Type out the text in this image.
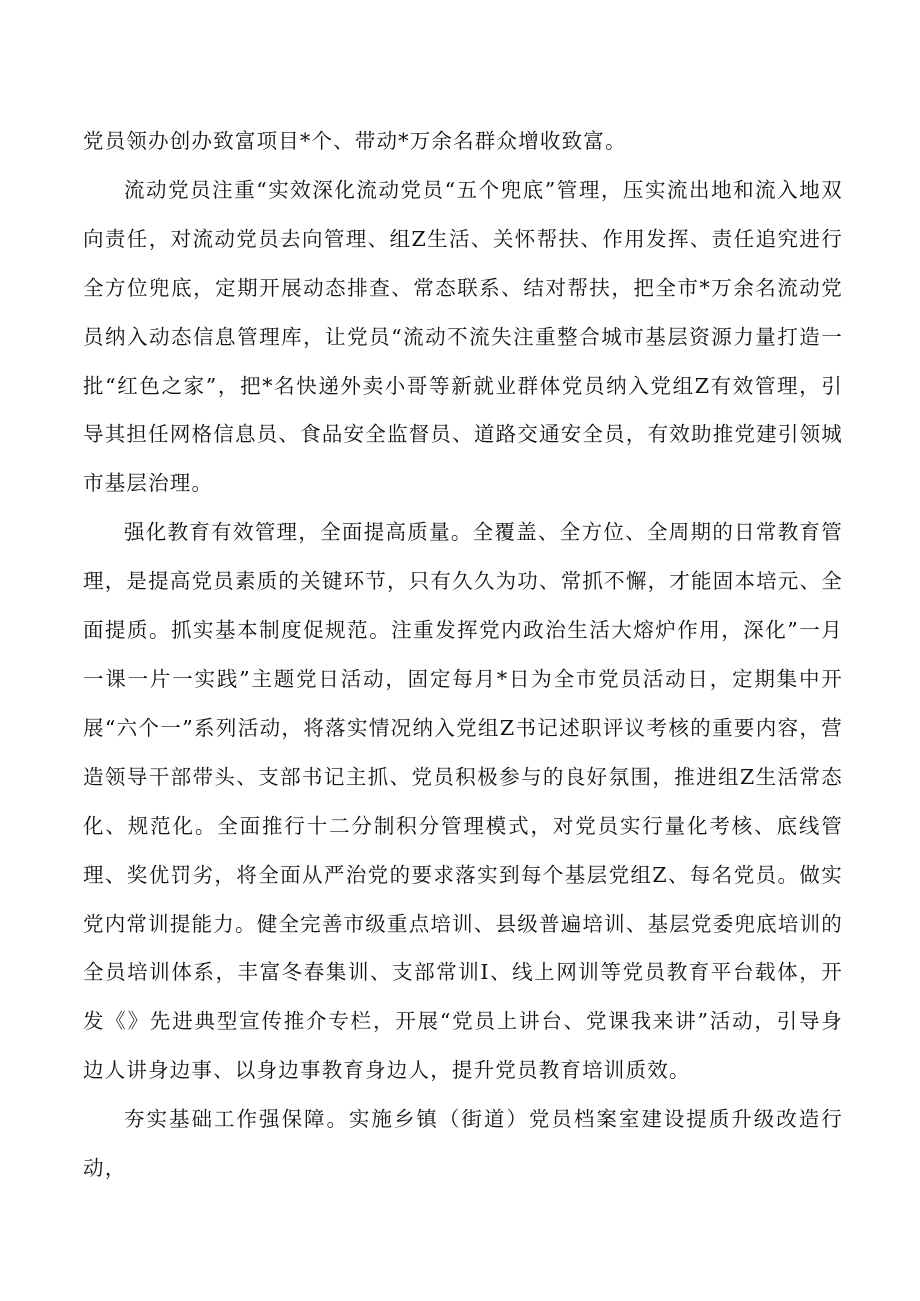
党员领办创办致富项目*个、带动*万余名群众增收致富。

流动党员注重“实效深化流动党员“五个兜底”管理，压实流出地和流入地双向责任，对流动党员去向管理、组Z生活、关怀帮扶、作用发挥、责任追究进行全方位兜底，定期开展动态排查、常态联系、结对帮扶，把全市*万余名流动党员纳入动态信息管理库，让党员“流动不流失注重整合城市基层资源力量打造一批“红色之家”，把*名快递外卖小哥等新就业群体党员纳入党组Z有效管理，引导其担任网格信息员、食品安全监督员、道路交通安全员，有效助推党建引领城市基层治理。

强化教育有效管理，全面提高质量。全覆盖、全方位、全周期的日常教育管理，是提高党员素质的关键环节，只有久久为功、常抓不懈，才能固本培元、全面提质。抓实基本制度促规范。注重发挥党内政治生活大熔炉作用，深化”一月一课一片一实践”主题党日活动，固定每月*日为全市党员活动日，定期集中开展“六个一”系列活动，将落实情况纳入党组Z书记述职评议考核的重要内容，营造领导干部带头、支部书记主抓、党员积极参与的良好氛围，推进组Z生活常态化、规范化。全面推行十二分制积分管理模式，对党员实行量化考核、底线管理、奖优罚劣，将全面从严治党的要求落实到每个基层党组Z、每名党员。做实党内常训提能力。健全完善市级重点培训、县级普遍培训、基层党委兜底培训的全员培训体系，丰富冬春集训、支部常训I、线上网训等党员教育平台载体，开发《》先进典型宣传推介专栏，开展“党员上讲台、党课我来讲”活动，引导身边人讲身边事、以身边事教育身边人，提升党员教育培训质效。

夯实基础工作强保障。实施乡镇（街道）党员档案室建设提质升级改造行动，
